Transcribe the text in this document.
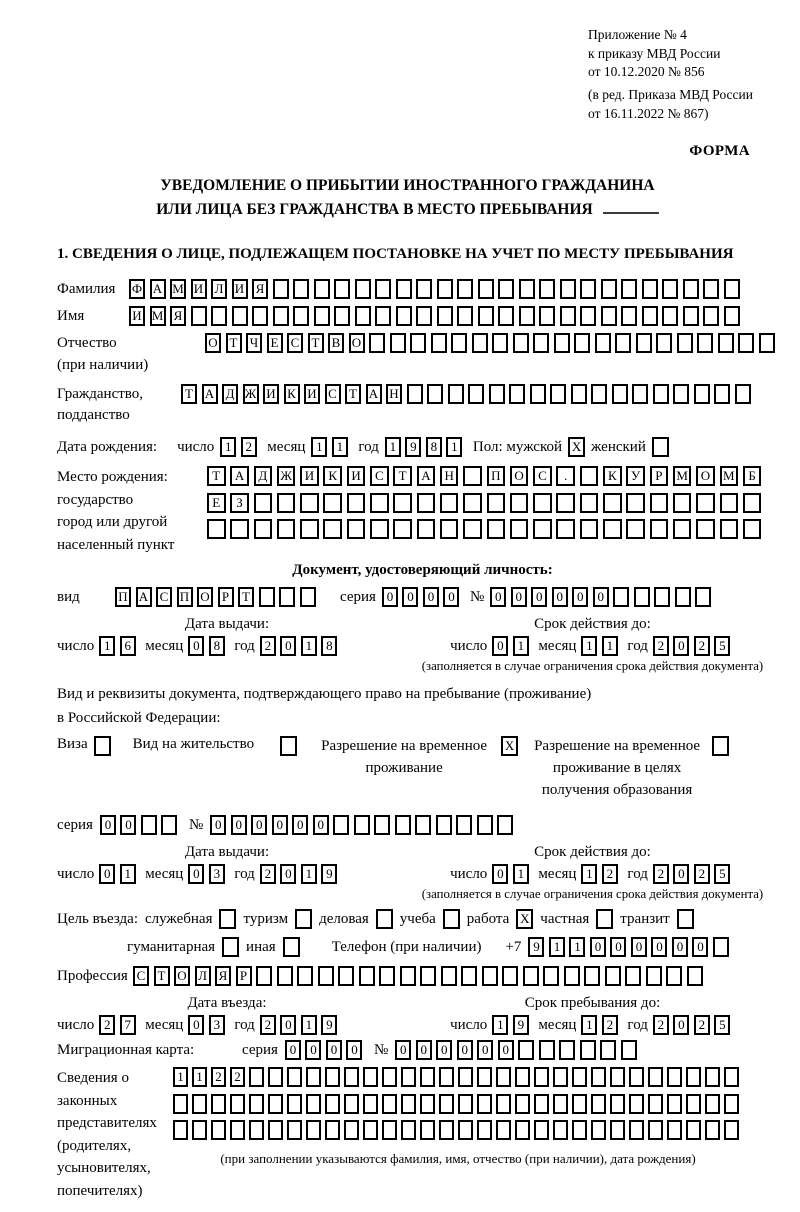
Приложение № 4
к приказу МВД России
от 10.12.2020 № 856
(в ред. Приказа МВД России
от 16.11.2022 № 867)
ФОРМА
УВЕДОМЛЕНИЕ О ПРИБЫТИИ ИНОСТРАННОГО ГРАЖДАНИНА
ИЛИ ЛИЦА БЕЗ ГРАЖДАНСТВА В МЕСТО ПРЕБЫВАНИЯ
1. СВЕДЕНИЯ О ЛИЦЕ, ПОДЛЕЖАЩЕМ ПОСТАНОВКЕ НА УЧЕТ ПО МЕСТУ ПРЕБЫВАНИЯ
Фамилия	Ф А М И Л И Я
Имя	И М Я
Отчество
(при наличии)
О Т Ч Е С Т В О
Гражданство,
подданство
Т А Д Ж И К И С Т А Н
Дата рождения: число 1	2	месяц 1	1	год 1	9	8	1	Пол: мужской X женский
Место рождения:
государство
город или другой
населенный пункт
Т	А	Д	Ж И	К	И	С	Т	А	Н	П	О	С	.	К	У	Р	М О М	Б
Е	З
Документ, удостоверяющий личность:
вид	П А С П О Р Т	серия 0	0	0	0	№ 0	0	0	0	0	0
Дата выдачи:
число 1	6 месяц 0	8 год 2	0	1	8
Срок действия до:
число 0	1 месяц 1	1 год 2	0	2	5
(заполняется в случае ограничения срока действия документа)
Вид и реквизиты документа, подтверждающего право на пребывание (проживание)
в Российской Федерации:
Виза	Вид на жительство	Разрешение на временное
проживание
X Разрешение на временное
проживание в целях
получения образования
серия 0	0	№ 0	0	0	0	0	0
Дата выдачи:
число 0	1 месяц 0	3 год 2	0	1	9
Срок действия до:
число 0	1 месяц 1	2 год 2	0	2	5
(заполняется в случае ограничения срока действия документа)
Цель въезда: служебная туризм деловая учеба работа X частная транзит
гуманитарная иная	Телефон (при наличии) +7 9	1	1	0	0	0	0	0	0
Профессия С Т О Л Я Р
Дата въезда:
число 2	7 месяц 0	3 год 2	0	1	9
Срок пребывания до:
число 1	9 месяц 1	2 год 2	0	2	5
Миграционная карта:	серия 0	0	0	0	№ 0	0	0	0	0	0
Сведения о
законных
представителях
(родителях,
усыновителях,
попечителях)
1 1 2 2
(при заполнении указываются фамилия, имя, отчество (при наличии), дата рождения)
